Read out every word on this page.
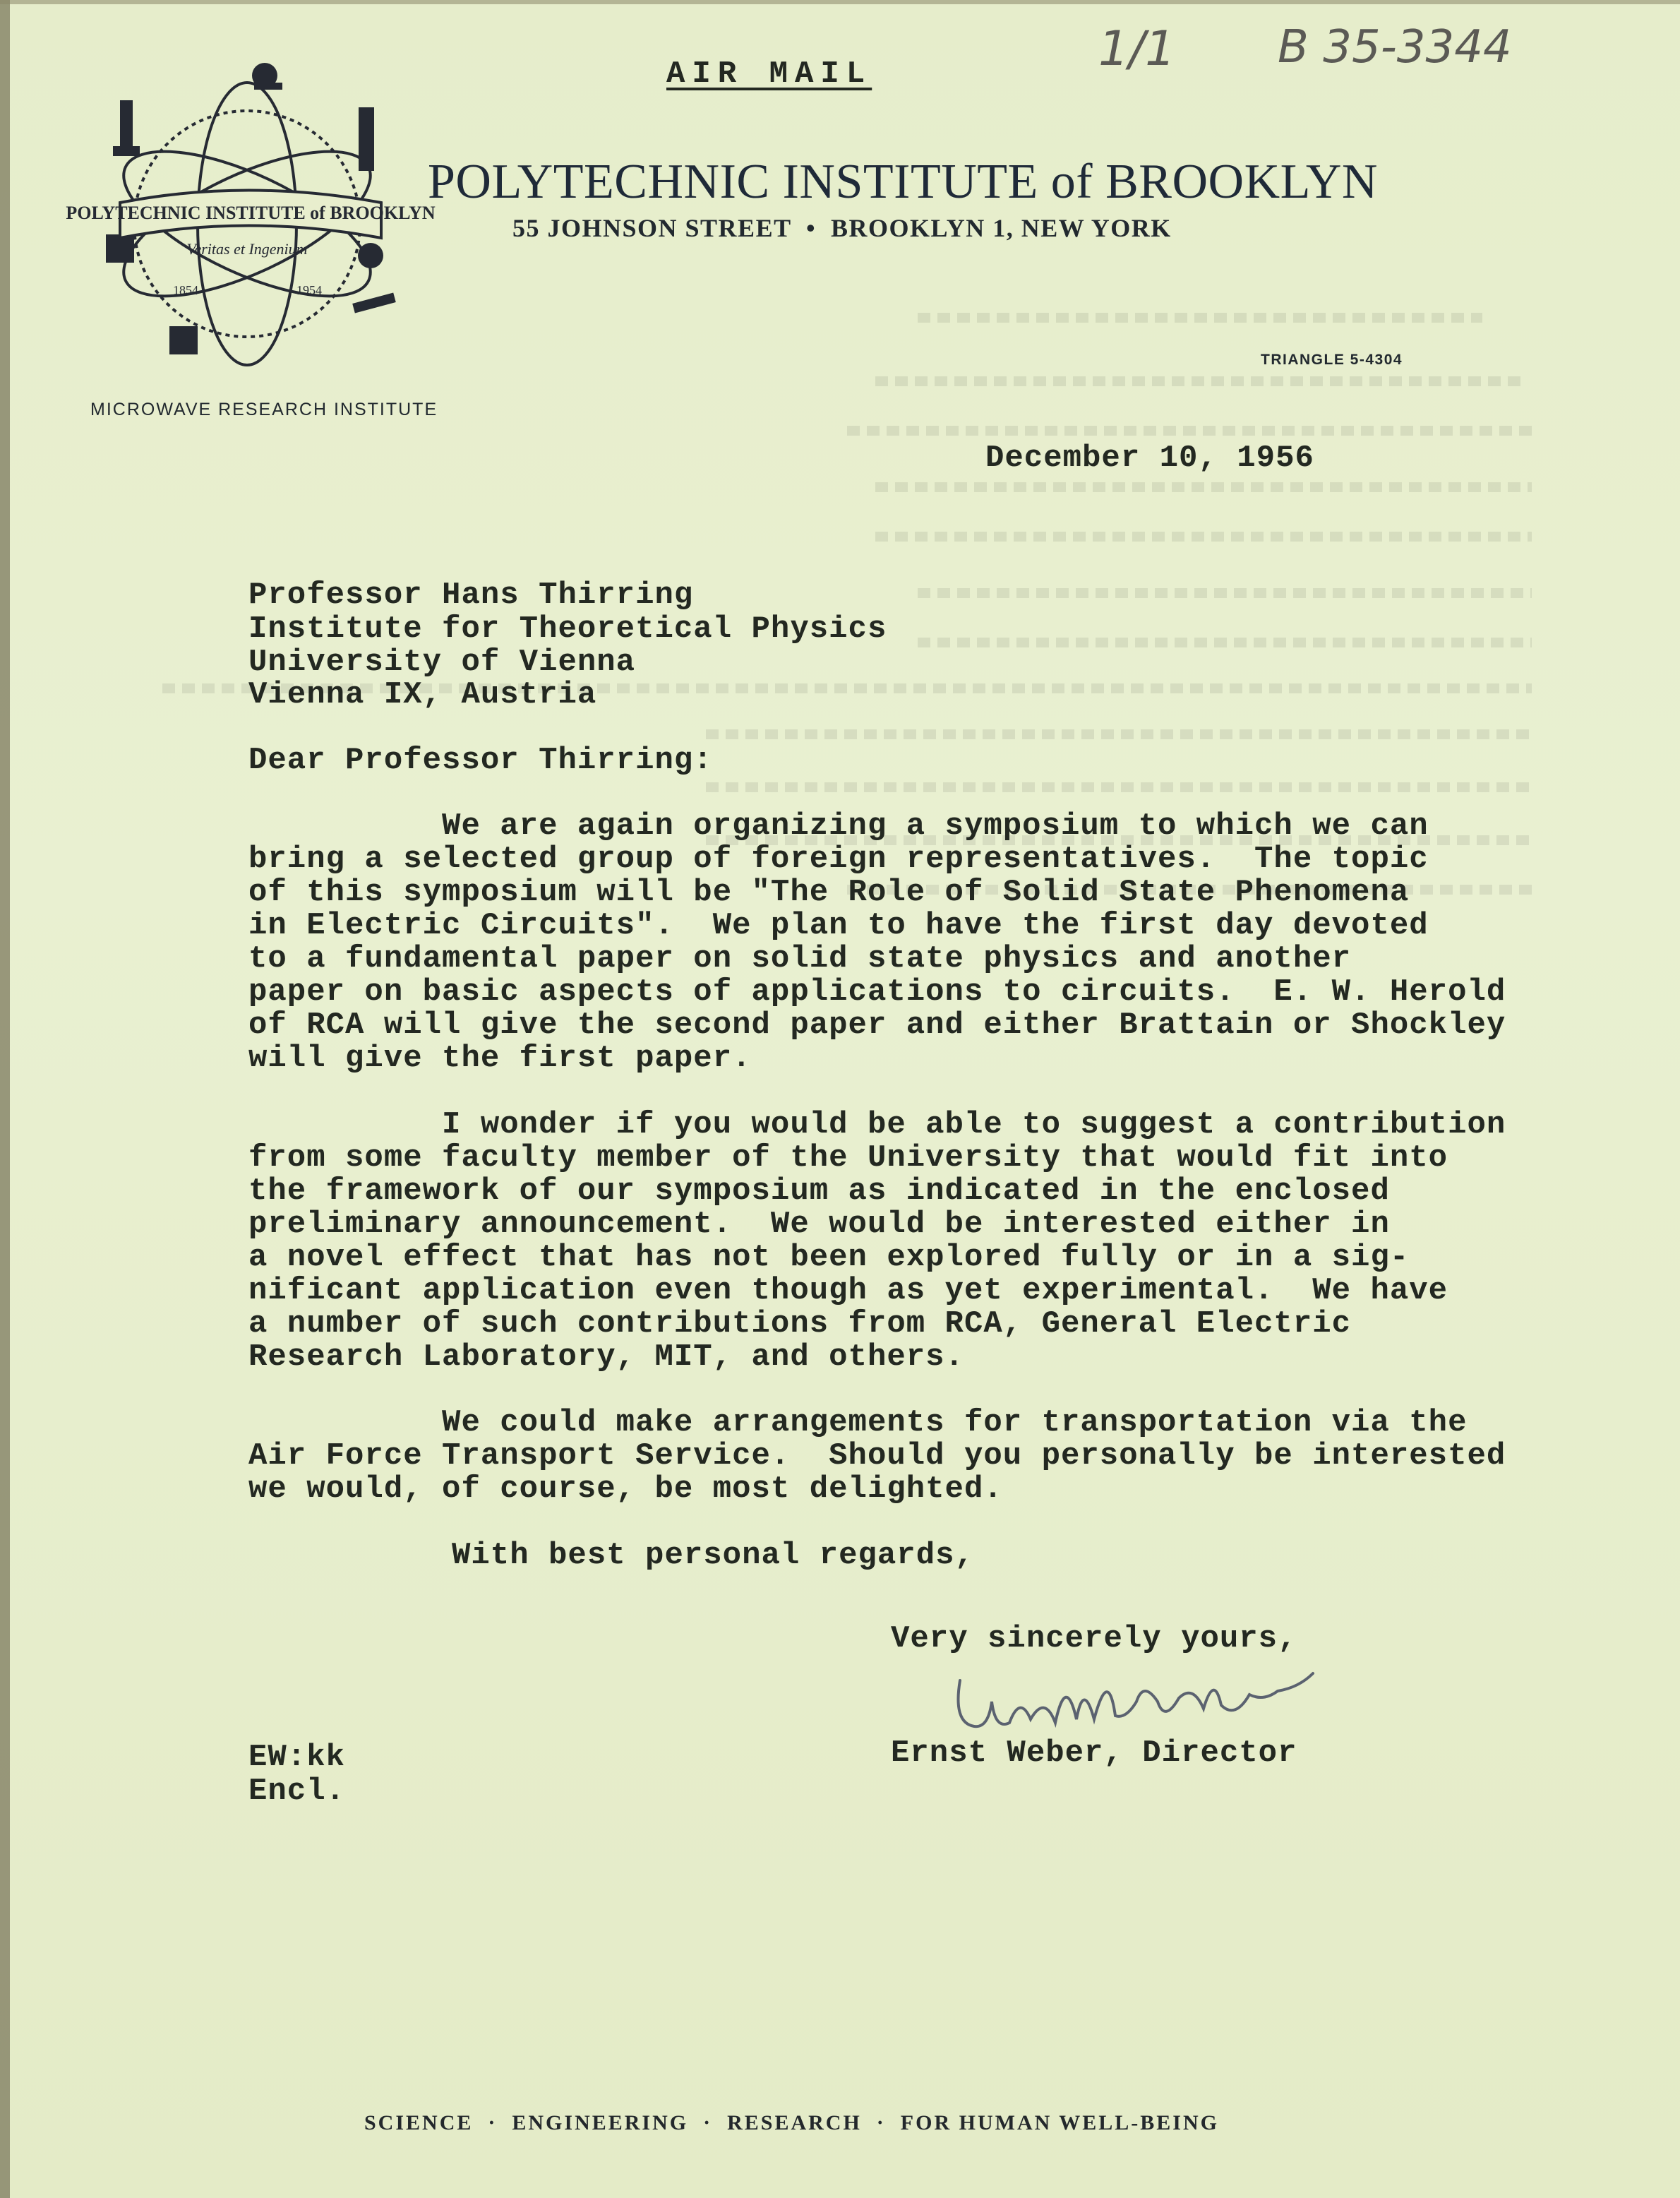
POLYTECHNIC INSTITUTE of BROOKLYN
Veritas et Ingenium
1854	1954
1/1 B 35-3344
AIR MAIL
POLYTECHNIC INSTITUTE of BROOKLYN
55 JOHNSON STREET  •  BROOKLYN 1, NEW YORK
TRIANGLE 5-4304
MICROWAVE RESEARCH INSTITUTE
December 10, 1956
Professor Hans Thirring
Institute for Theoretical Physics
University of Vienna
Vienna IX, Austria
Dear Professor Thirring:
We are again organizing a symposium to which we can
bring a selected group of foreign representatives.  The topic
of this symposium will be "The Role of Solid State Phenomena
in Electric Circuits".  We plan to have the first day devoted
to a fundamental paper on solid state physics and another
paper on basic aspects of applications to circuits.  E. W. Herold
of RCA will give the second paper and either Brattain or Shockley
will give the first paper.
I wonder if you would be able to suggest a contribution
from some faculty member of the University that would fit into
the framework of our symposium as indicated in the enclosed
preliminary announcement.  We would be interested either in
a novel effect that has not been explored fully or in a sig-
nificant application even though as yet experimental.  We have
a number of such contributions from RCA, General Electric
Research Laboratory, MIT, and others.
We could make arrangements for transportation via the
Air Force Transport Service.  Should you personally be interested
we would, of course, be most delighted.
With best personal regards,
Very sincerely yours,
Ernst Weber, Director
EW:kk
Encl.
SCIENCE  ·  ENGINEERING  ·  RESEARCH  ·  FOR HUMAN WELL-BEING
